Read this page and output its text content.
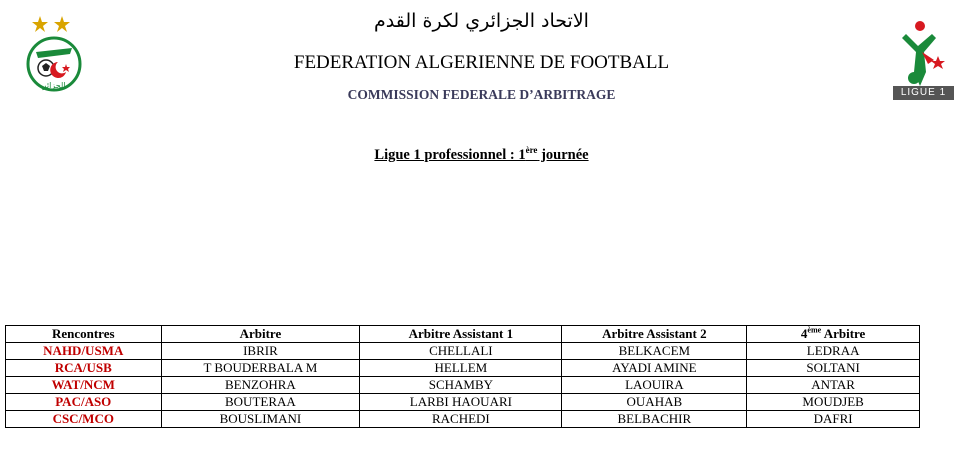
الجزائر
الاتحاد الجزائري لكرة القدم
FEDERATION ALGERIENNE DE FOOTBALL
COMMISSION FEDERALE D’ARBITRAGE	LIGUE 1
Ligue 1 professionnel : 1ère journée
Rencontres	Arbitre	Arbitre Assistant 1	Arbitre Assistant 2	4ème Arbitre
NAHD/USMA	IBRIR	CHELLALI	BELKACEM	LEDRAA
RCA/USB	T BOUDERBALA M	HELLEM	AYADI AMINE	SOLTANI
WAT/NCM	BENZOHRA	SCHAMBY	LAOUIRA	ANTAR
PAC/ASO	BOUTERAA	LARBI HAOUARI	OUAHAB	MOUDJEB
CSC/MCO	BOUSLIMANI	RACHEDI	BELBACHIR	DAFRI
